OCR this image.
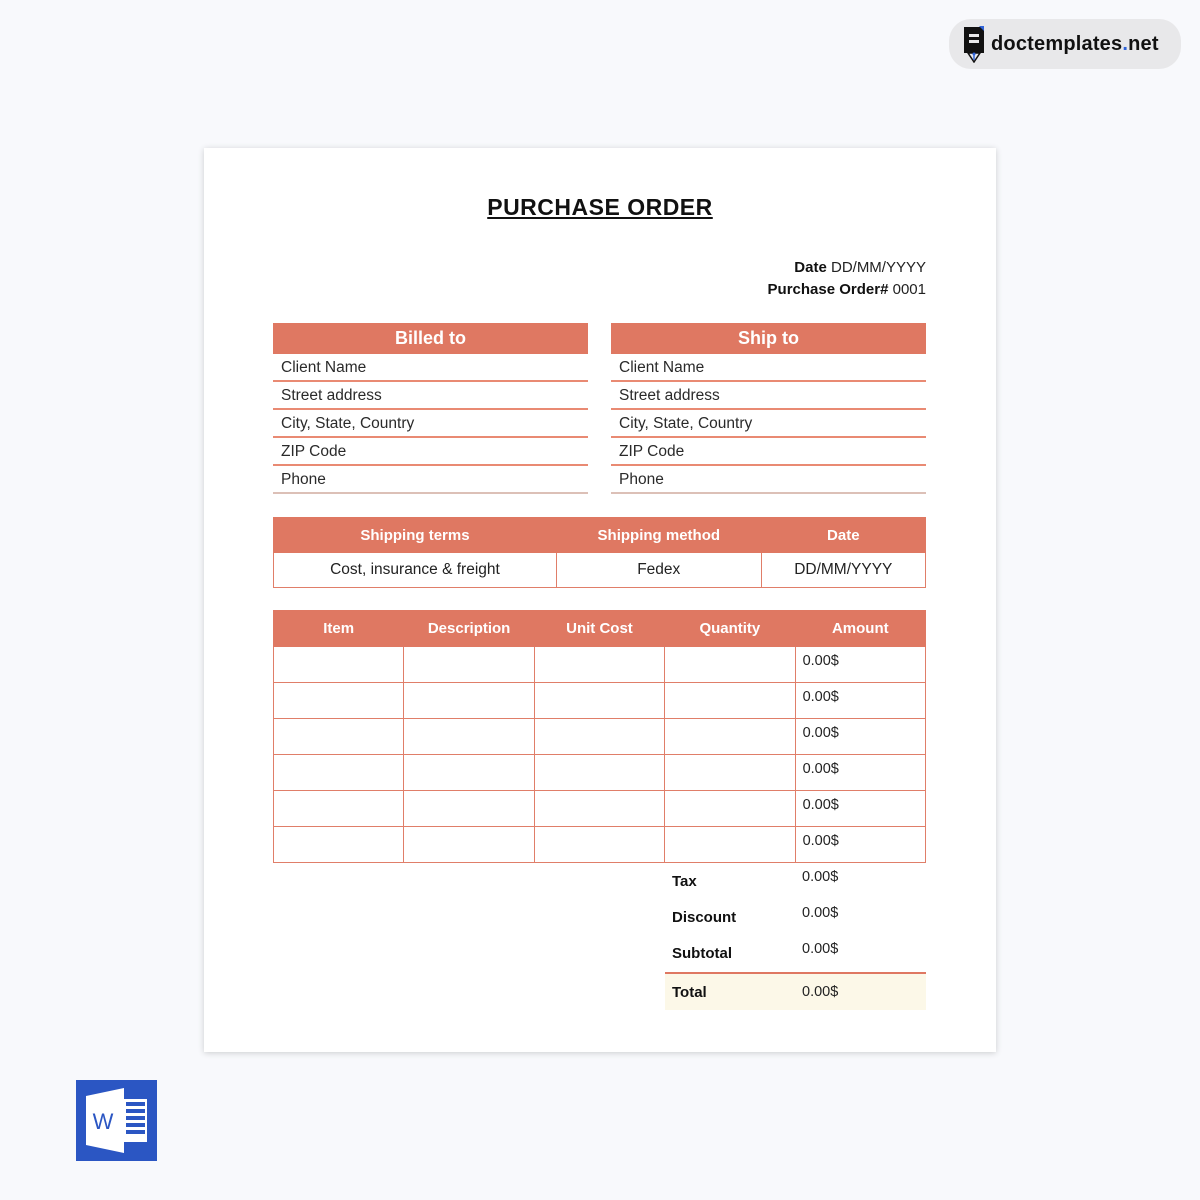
doctemplates.net
PURCHASE ORDER
Date DD/MM/YYYY
Purchase Order# 0001
Billed to
Client Name
Street address
City, State, Country
ZIP Code
Phone
Ship to
Client Name
Street address
City, State, Country
ZIP Code
Phone
Shipping terms	Shipping method	Date
Cost, insurance & freight	Fedex	DD/MM/YYYY
Item	Description	Unit Cost	Quantity	Amount
				0.00$
				0.00$
				0.00$
				0.00$
				0.00$
				0.00$
Tax	0.00$
Discount	0.00$
Subtotal	0.00$
Total	0.00$
W
